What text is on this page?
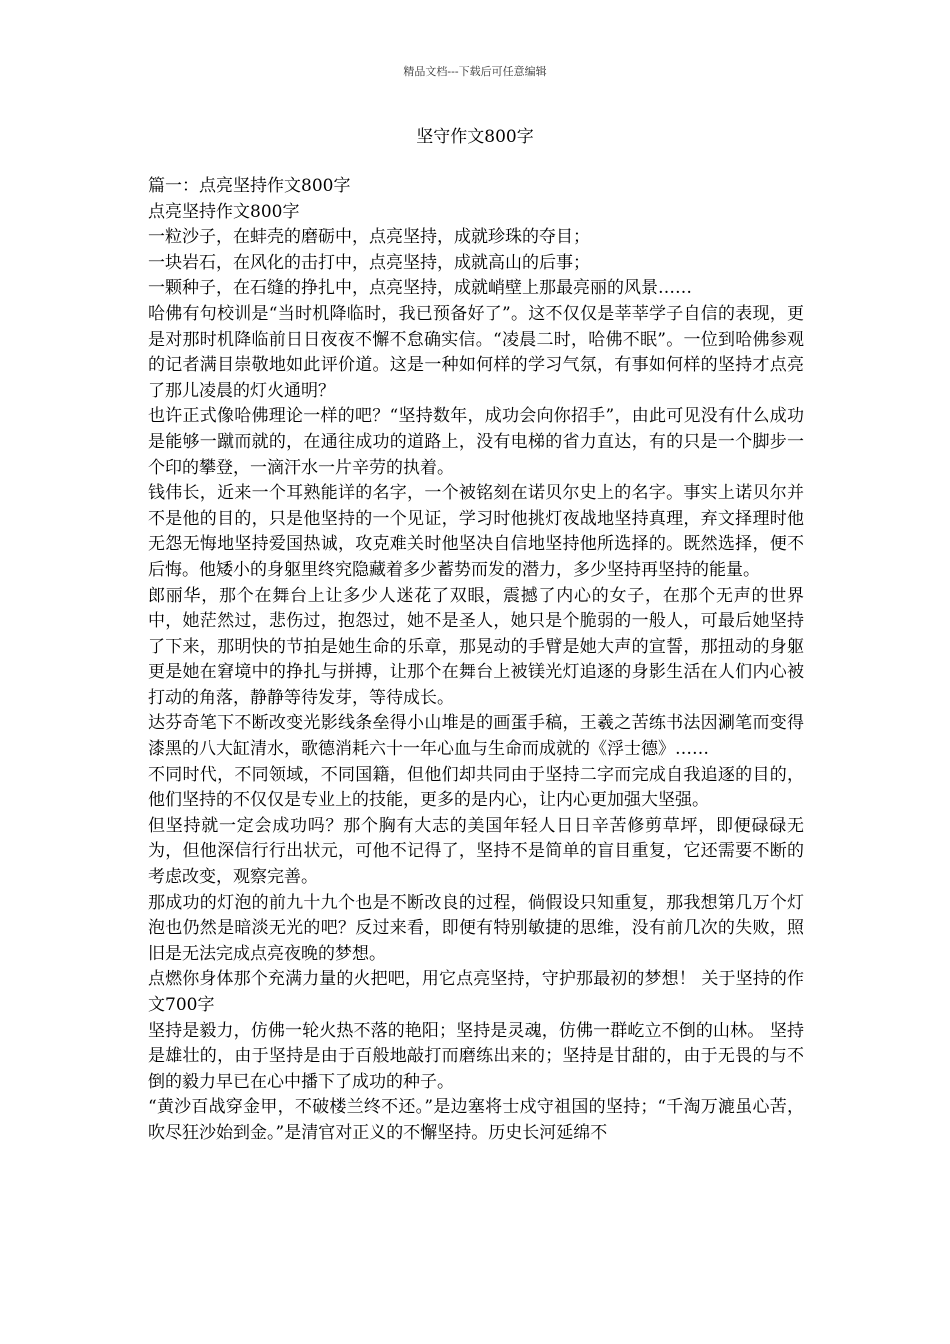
精品文档---下载后可任意编辑
坚守作文800字

篇一：点亮坚持作文800字

点亮坚持作文800字

一粒沙子，在蚌壳的磨砺中，点亮坚持，成就珍珠的夺目；

一块岩石，在风化的击打中，点亮坚持，成就高山的后事；

一颗种子，在石缝的挣扎中，点亮坚持，成就峭壁上那最亮丽的风景……

哈佛有句校训是“当时机降临时，我已预备好了”。这不仅仅是莘莘学子自信的表现，更是对那时机降临前日日夜夜不懈不怠确实信。“凌晨二时，哈佛不眠”。一位到哈佛参观的记者满目崇敬地如此评价道。这是一种如何样的学习气氛，有事如何样的坚持才点亮了那儿凌晨的灯火通明？

也许正式像哈佛理论一样的吧？“坚持数年，成功会向你招手”，由此可见没有什么成功是能够一蹴而就的，在通往成功的道路上，没有电梯的省力直达，有的只是一个脚步一个印的攀登，一滴汗水一片辛劳的执着。

钱伟长，近来一个耳熟能详的名字，一个被铭刻在诺贝尔史上的名字。事实上诺贝尔并不是他的目的，只是他坚持的一个见证，学习时他挑灯夜战地坚持真理，弃文择理时他无怨无悔地坚持爱国热诚，攻克难关时他坚决自信地坚持他所选择的。既然选择，便不后悔。他矮小的身躯里终究隐藏着多少蓄势而发的潜力，多少坚持再坚持的能量。

郎丽华，那个在舞台上让多少人迷花了双眼，震撼了内心的女子，在那个无声的世界中，她茫然过，悲伤过，抱怨过，她不是圣人，她只是个脆弱的一般人，可最后她坚持了下来，那明快的节拍是她生命的乐章，那晃动的手臂是她大声的宣誓，那扭动的身躯更是她在窘境中的挣扎与拼搏，让那个在舞台上被镁光灯追逐的身影生活在人们内心被打动的角落，静静等待发芽，等待成长。

达芬奇笔下不断改变光影线条垒得小山堆是的画蛋手稿，王羲之苦练书法因涮笔而变得漆黑的八大缸清水，歌德消耗六十一年心血与生命而成就的《浮士德》……

不同时代，不同领域，不同国籍，但他们却共同由于坚持二字而完成自我追逐的目的，他们坚持的不仅仅是专业上的技能，更多的是内心，让内心更加强大坚强。

但坚持就一定会成功吗？那个胸有大志的美国年轻人日日辛苦修剪草坪，即便碌碌无为，但他深信行行出状元，可他不记得了，坚持不是简单的盲目重复，它还需要不断的考虑改变，观察完善。

那成功的灯泡的前九十九个也是不断改良的过程，倘假设只知重复，那我想第几万个灯泡也仍然是暗淡无光的吧？反过来看，即便有特别敏捷的思维，没有前几次的失败，照旧是无法完成点亮夜晚的梦想。

点燃你身体那个充满力量的火把吧，用它点亮坚持，守护那最初的梦想！ 关于坚持的作文700字

坚持是毅力，仿佛一轮火热不落的艳阳；坚持是灵魂，仿佛一群屹立不倒的山林。 坚持是雄壮的，由于坚持是由于百般地敲打而磨练出来的；坚持是甘甜的，由于无畏的与不倒的毅力早已在心中播下了成功的种子。

“黄沙百战穿金甲，不破楼兰终不还。”是边塞将士戍守祖国的坚持；“千淘万漉虽心苦，吹尽狂沙始到金。”是清官对正义的不懈坚持。历史长河延绵不
